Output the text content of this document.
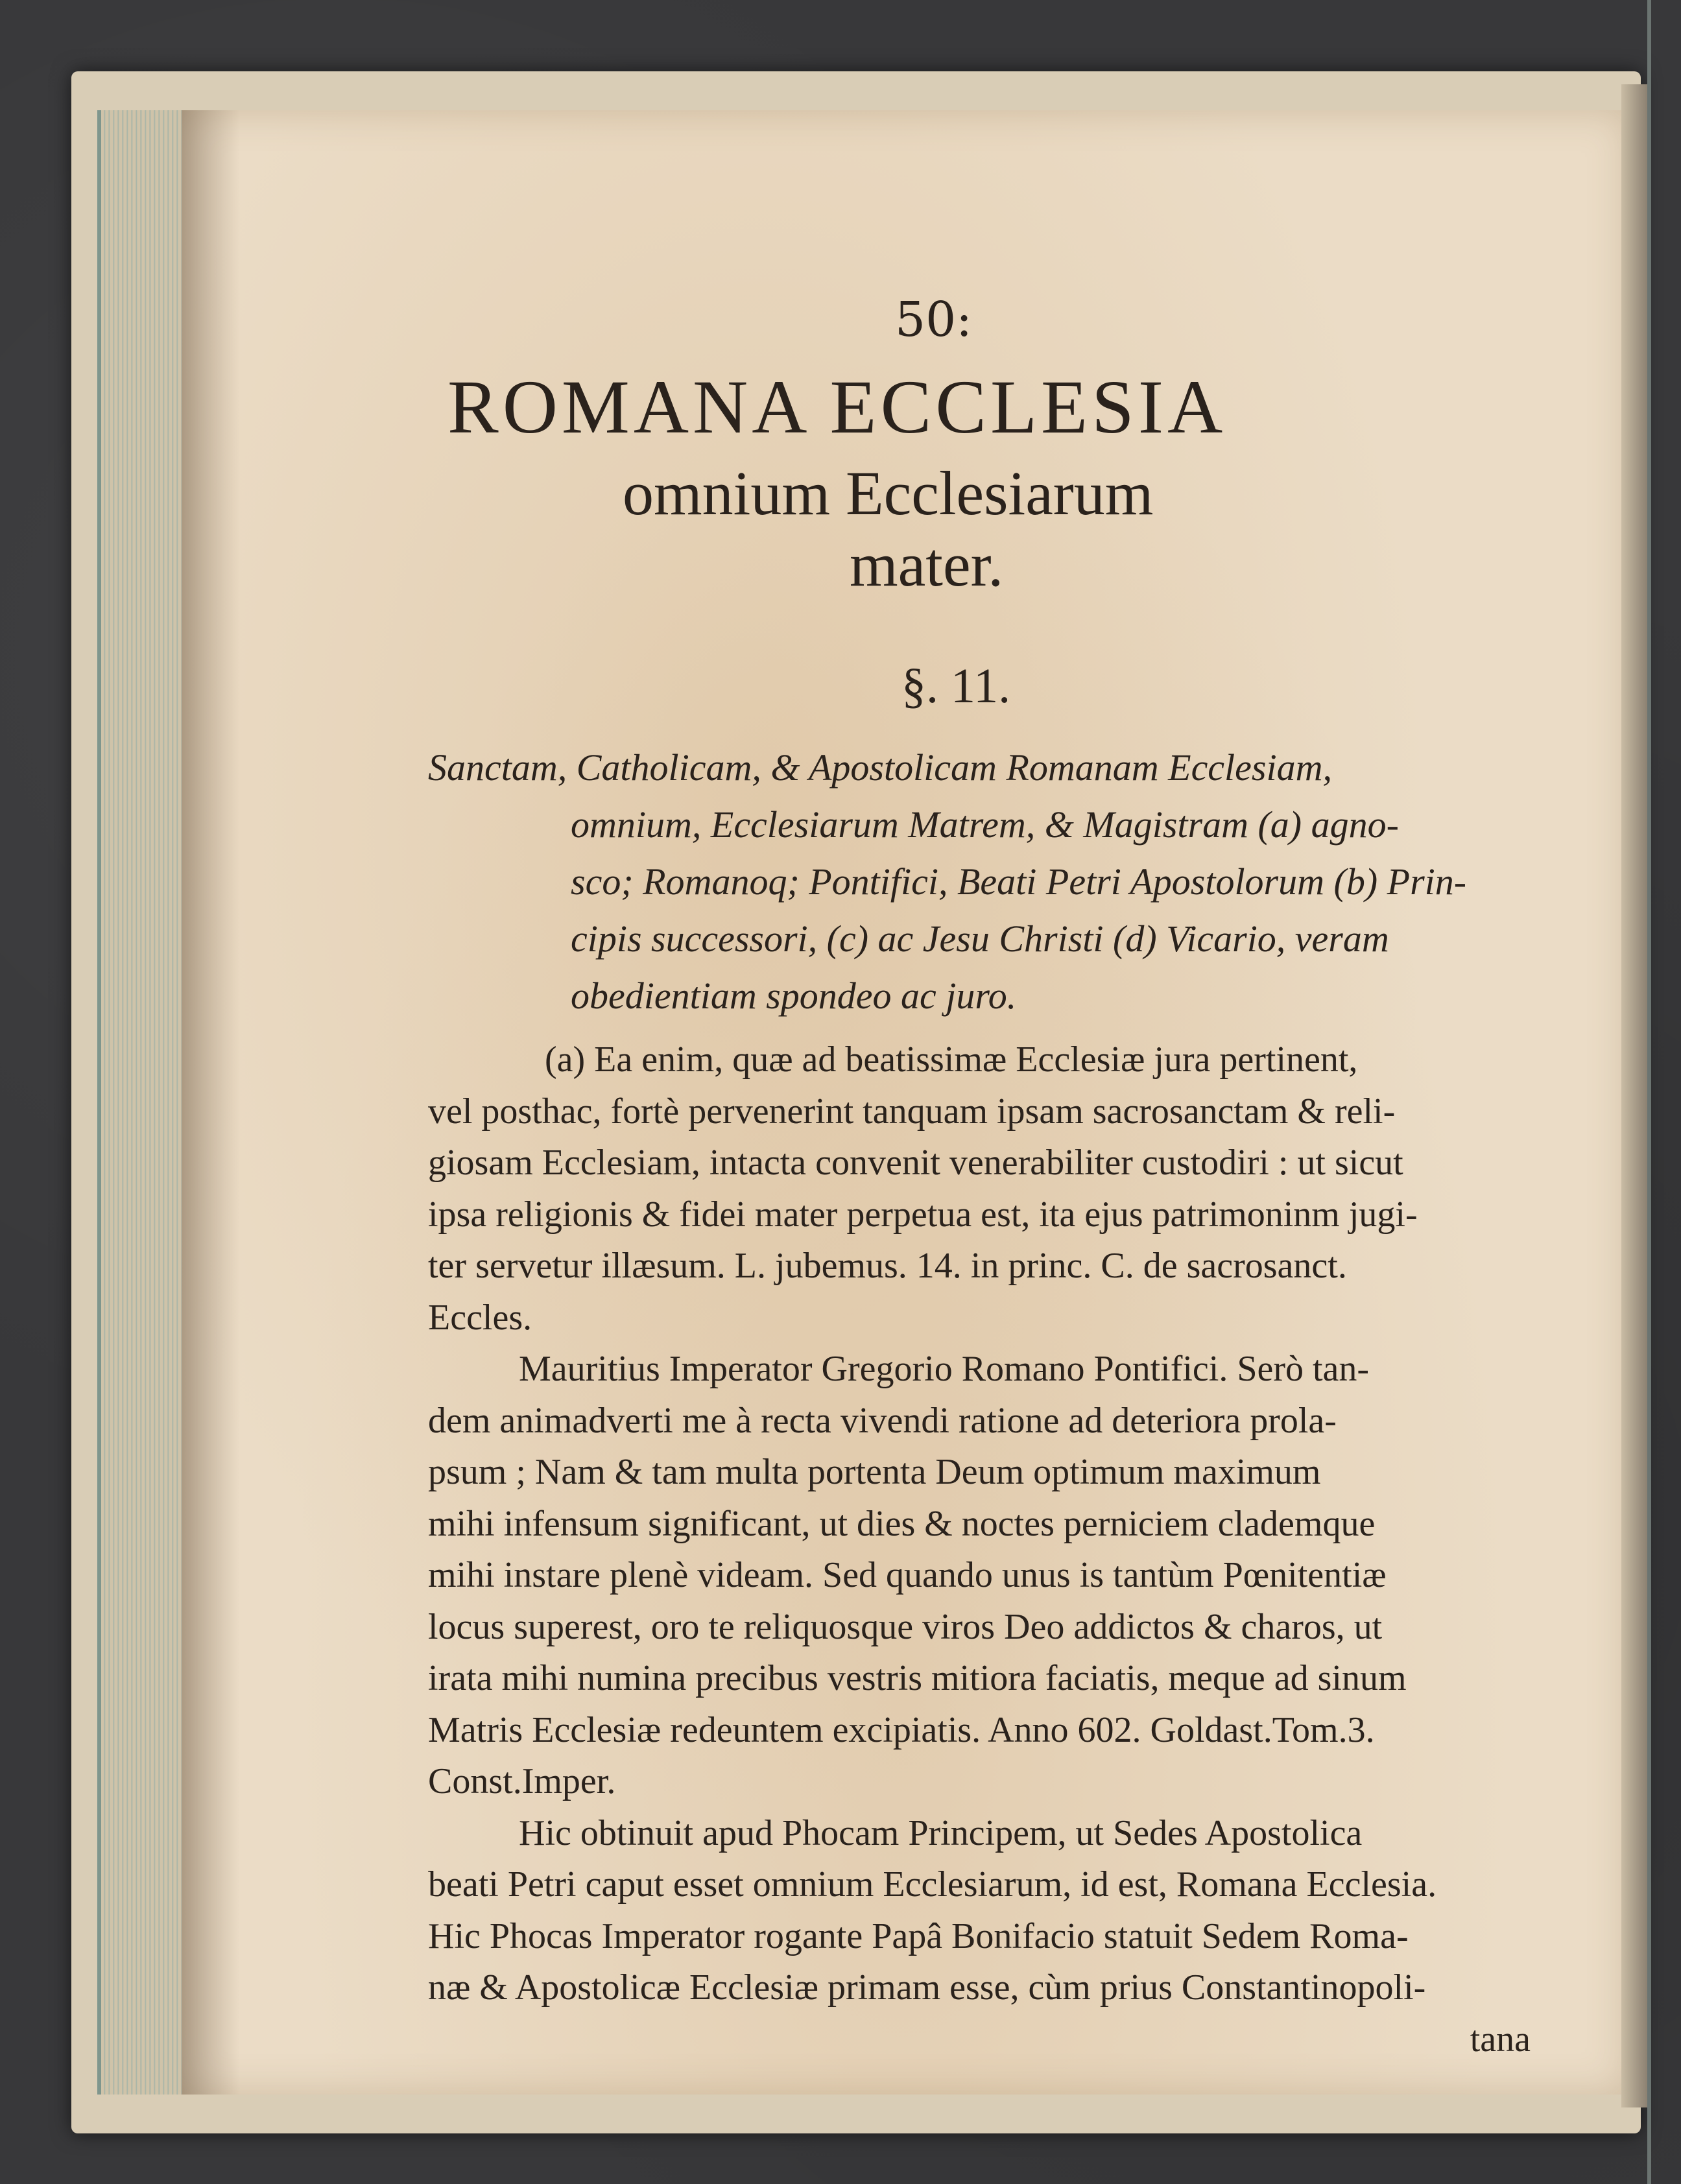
50:
ROMANA ECCLESIA
omnium Ecclesiarum
mater.
§. 11.
Sanctam, Catholicam, & Apostolicam Romanam Ecclesiam,
omnium, Ecclesiarum Matrem, & Magistram (a) agno-
sco; Romanoq; Pontifici, Beati Petri Apostolorum (b) Prin-
cipis successori, (c) ac Jesu Christi (d) Vicario, veram
obedientiam spondeo ac juro.

(a) Ea enim, quæ ad beatissimæ Ecclesiæ jura pertinent,
vel posthac, fortè pervenerint tanquam ipsam sacrosanctam & reli-
giosam Ecclesiam, intacta convenit venerabiliter custodiri : ut sicut
ipsa religionis & fidei mater perpetua est, ita ejus patrimoninm jugi-
ter servetur illæsum. L. jubemus. 14. in princ. C. de sacrosanct.
Eccles.

Mauritius Imperator Gregorio Romano Pontifici. Serò tan-
dem animadverti me à recta vivendi ratione ad deteriora prola-
psum ; Nam & tam multa portenta Deum optimum maximum
mihi infensum significant, ut dies & noctes perniciem clademque
mihi instare plenè videam. Sed quando unus is tantùm Pœnitentiæ
locus superest, oro te reliquosque viros Deo addictos & charos, ut
irata mihi numina precibus vestris mitiora faciatis, meque ad sinum
Matris Ecclesiæ redeuntem excipiatis. Anno 602. Goldast.Tom.3.
Const.Imper.

Hic obtinuit apud Phocam Principem, ut Sedes Apostolica
beati Petri caput esset omnium Ecclesiarum, id est, Romana Ecclesia.
Hic Phocas Imperator rogante Papâ Bonifacio statuit Sedem Roma-
næ & Apostolicæ Ecclesiæ primam esse, cùm prius Constantinopoli-
tana
